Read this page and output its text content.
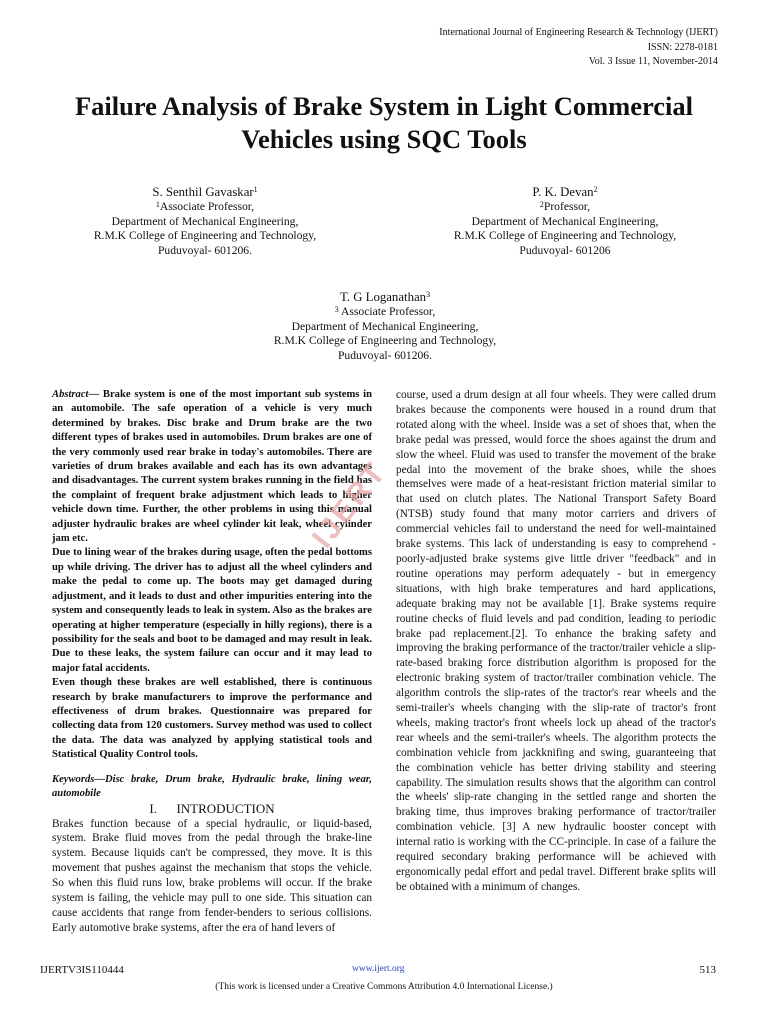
International Journal of Engineering Research & Technology (IJERT)
ISSN: 2278-0181
Vol. 3 Issue 11, November-2014
Failure Analysis of Brake System in Light Commercial Vehicles using SQC Tools
S. Senthil Gavaskar$^1$
$^1$Associate Professor,
Department of Mechanical Engineering,
R.M.K College of Engineering and Technology,
Puduvoyal- 601206.
P. K. Devan$^2$
$^2$Professor,
Department of Mechanical Engineering,
R.M.K College of Engineering and Technology,
Puduvoyal- 601206
T. G Loganathan$^3$
$^3$ Associate Professor,
Department of Mechanical Engineering,
R.M.K College of Engineering and Technology,
Puduvoyal- 601206.

Abstract— Brake system is one of the most important sub systems in an automobile. The safe operation of a vehicle is very much determined by brakes. Disc brake and Drum brake are the two different types of brakes used in automobiles. Drum brakes are one of the very commonly used rear brake in today's automobiles. There are varieties of drum brakes available and each has its own advantages and disadvantages. The current system brakes running in the field has the complaint of frequent brake adjustment which leads to higher vehicle down time. Further, the other problems in using this manual adjuster hydraulic brakes are wheel cylinder kit leak, wheel cylinder jam etc.

Due to lining wear of the brakes during usage, often the pedal bottoms up while driving. The driver has to adjust all the wheel cylinders and make the pedal to come up. The boots may get damaged during adjustment, and it leads to dust and other impurities entering into the system and consequently leads to leak in system. Also as the brakes are operating at higher temperature (especially in hilly regions), there is a possibility for the seals and boot to be damaged and may result in leak. Due to these leaks, the system failure can occur and it may lead to major fatal accidents.

Even though these brakes are well established, there is continuous research by brake manufacturers to improve the performance and effectiveness of drum brakes. Questionnaire was prepared for collecting data from 120 customers. Survey method was used to collect the data. The data was analyzed by applying statistical tools and Statistical Quality Control tools.

Keywords—Disc brake, Drum brake, Hydraulic brake, lining wear, automobile

I. INTRODUCTION

Brakes function because of a special hydraulic, or liquid-based, system. Brake fluid moves from the pedal through the brake-line system. Because liquids can't be compressed, they move. It is this movement that pushes against the mechanism that stops the vehicle. So when this fluid runs low, brake problems will occur. If the brake system is failing, the vehicle may pull to one side. This situation can cause accidents that range from fender-benders to serious collisions. Early automotive brake systems, after the era of hand levers of

course, used a drum design at all four wheels. They were called drum brakes because the components were housed in a round drum that rotated along with the wheel. Inside was a set of shoes that, when the brake pedal was pressed, would force the shoes against the drum and slow the wheel. Fluid was used to transfer the movement of the brake pedal into the movement of the brake shoes, while the shoes themselves were made of a heat-resistant friction material similar to that used on clutch plates. The National Transport Safety Board (NTSB) study found that many motor carriers and drivers of commercial vehicles fail to understand the need for well-maintained brake systems. This lack of understanding is easy to comprehend - poorly-adjusted brake systems give little driver "feedback" and in routine operations may perform adequately - but in emergency situations, with high brake temperatures and hard applications, adequate braking may not be available [1]. Brake systems require routine checks of fluid levels and pad condition, leading to periodic brake pad replacement.[2]. To enhance the braking safety and improving the braking performance of the tractor/trailer vehicle a slip-rate-based braking force distribution algorithm is proposed for the electronic braking system of tractor/trailer combination vehicle. The algorithm controls the slip-rates of the tractor's rear wheels and the semi-trailer's wheels changing with the slip-rate of tractor's front wheels, making tractor's front wheels lock up ahead of the tractor's rear wheels and the semi-trailer's wheels. The algorithm protects the combination vehicle from jackknifing and swing, guaranteeing that the combination vehicle has better driving stability and steering capability. The simulation results shows that the algorithm can control the wheels' slip-rate changing in the settled range and shorten the braking time, thus improves braking performance of tractor/trailer combination vehicle. [3] A new hydraulic booster concept with internal ratio is working with the CC-principle. In case of a failure the required secondary braking performance will be achieved with ergonomically pedal effort and pedal travel. Different brake splits will be obtained with a minimum of changes.

IJERT
IJERTV3IS110444	www.ijert.org	513
(This work is licensed under a Creative Commons Attribution 4.0 International License.)
